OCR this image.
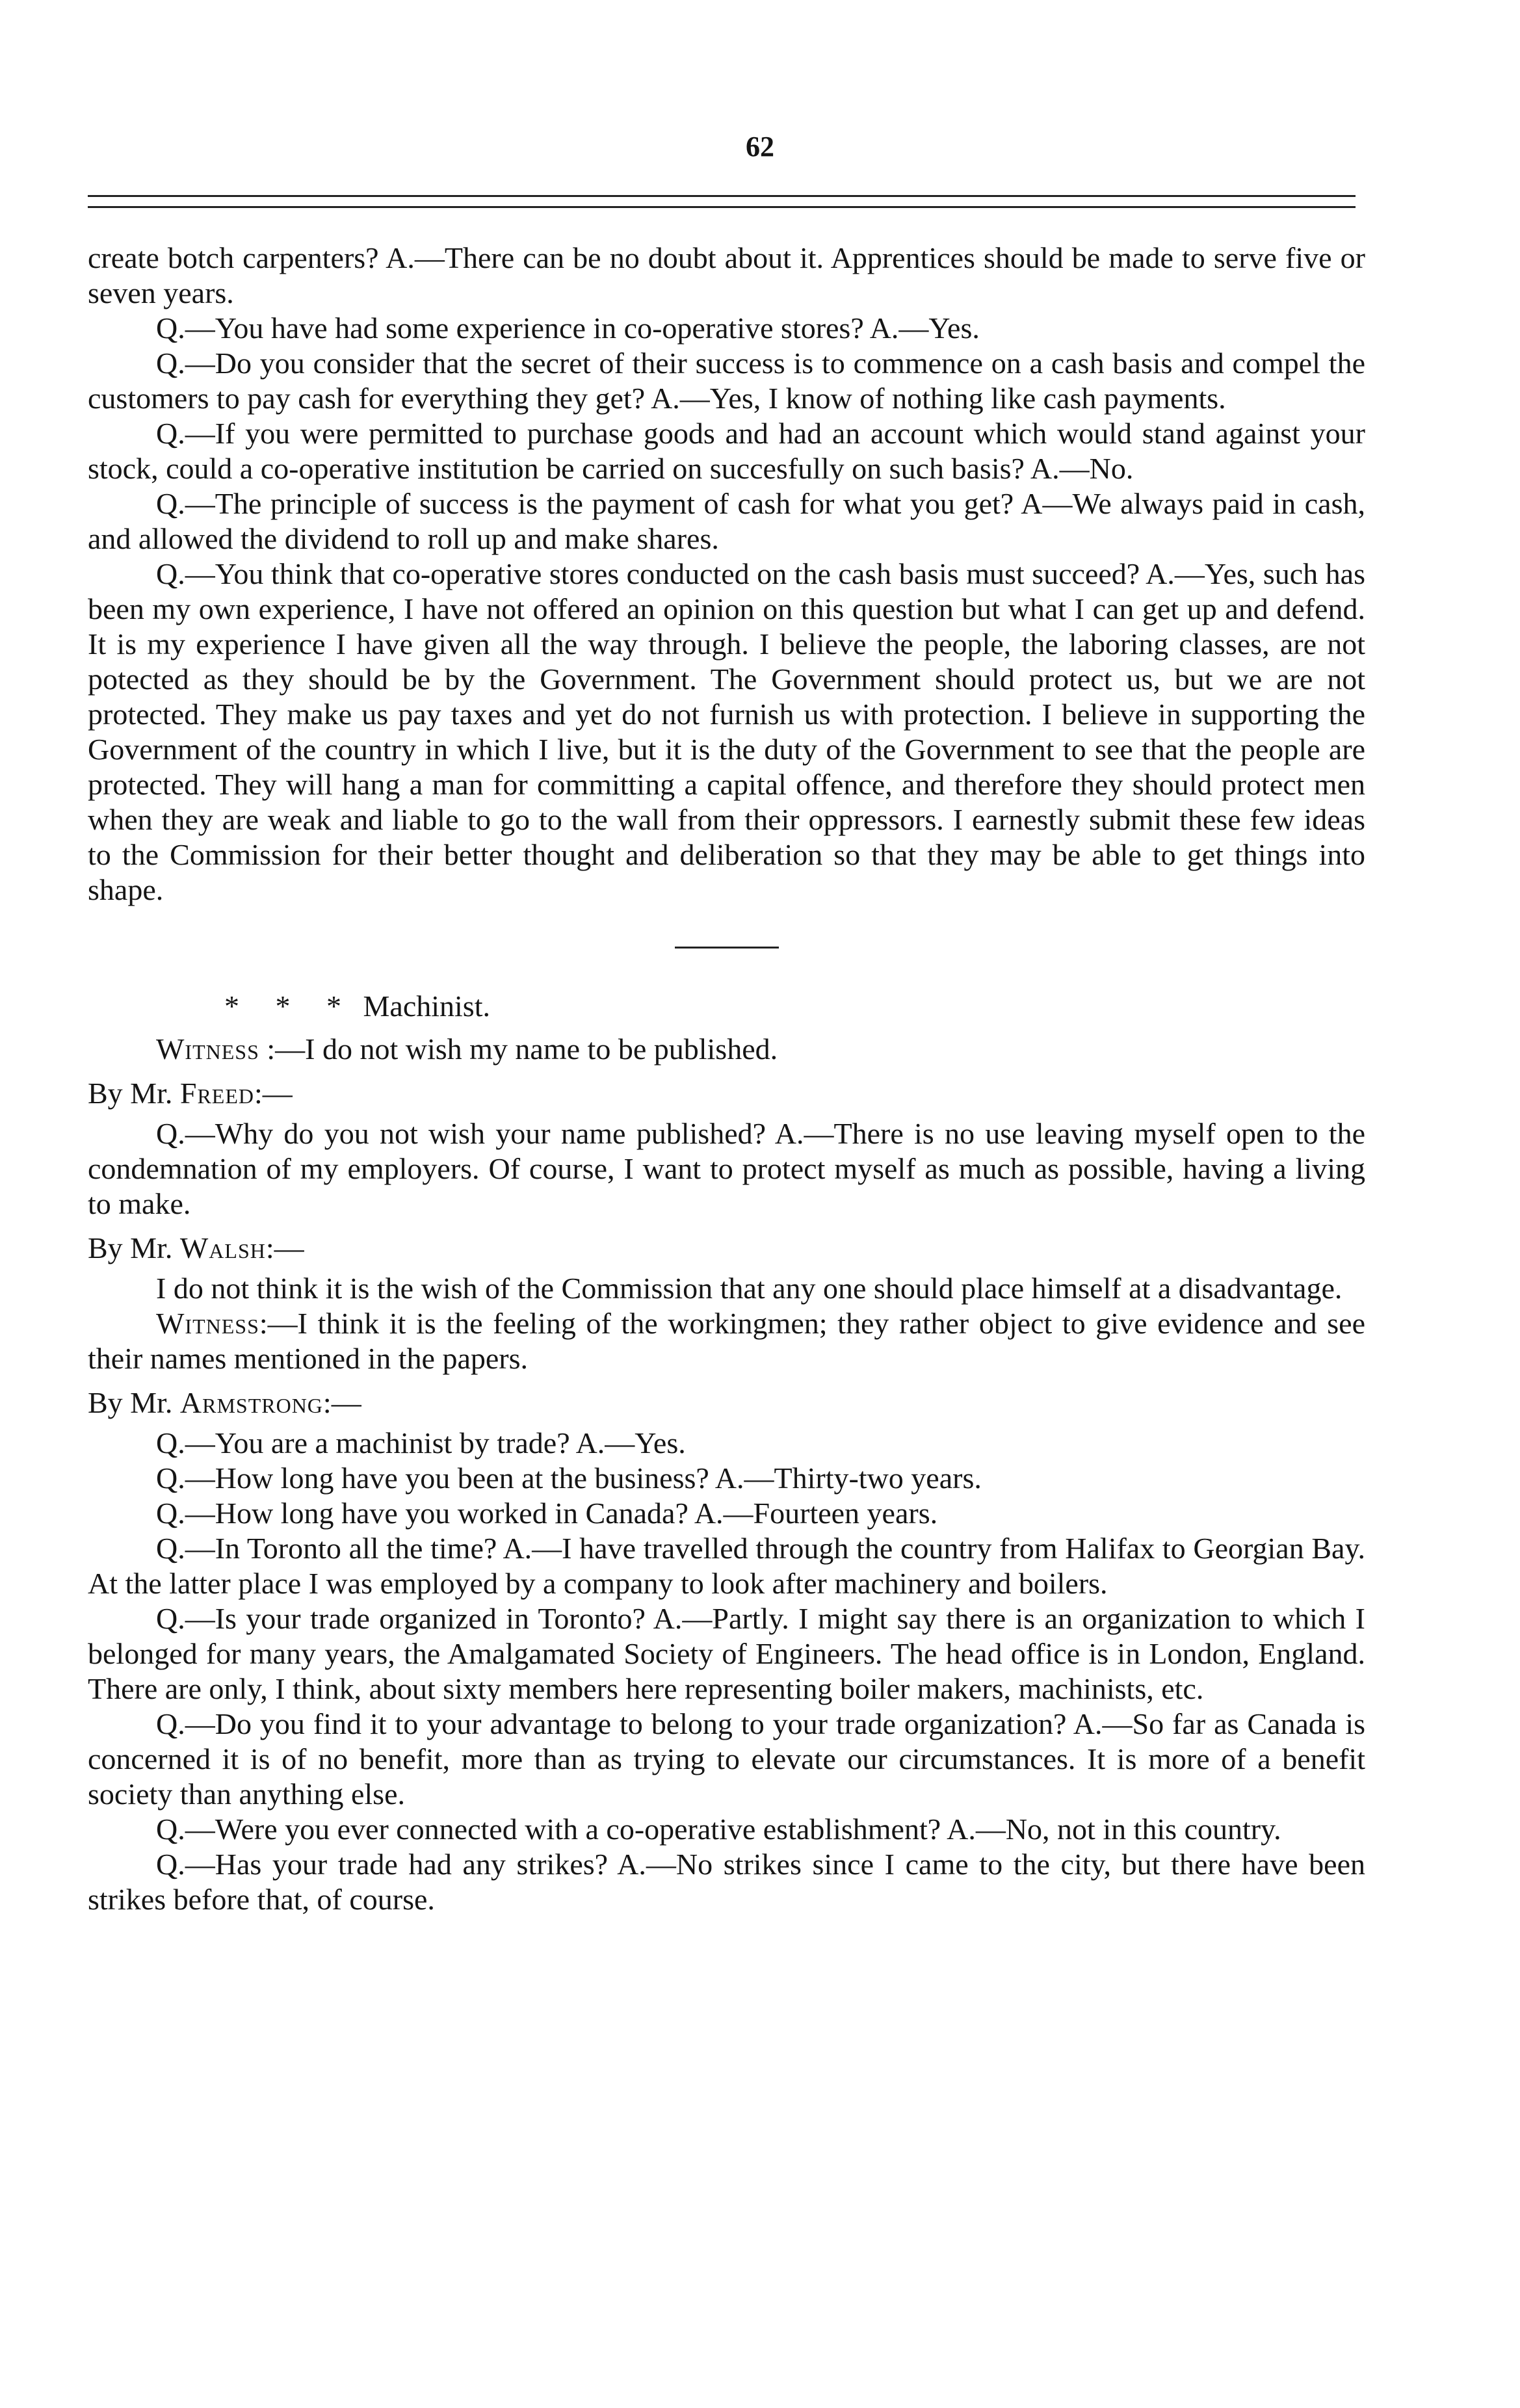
62

create botch carpenters? A.—There can be no doubt about it. Apprentices should be made to serve five or seven years.

Q.—You have had some experience in co-operative stores? A.—Yes.

Q.—Do you consider that the secret of their success is to commence on a cash basis and compel the customers to pay cash for everything they get? A.—Yes, I know of nothing like cash payments.

Q.—If you were permitted to purchase goods and had an account which would stand against your stock, could a co-operative institution be carried on succesfully on such basis? A.—No.

Q.—The principle of success is the payment of cash for what you get? A—We always paid in cash, and allowed the dividend to roll up and make shares.

Q.—You think that co-operative stores conducted on the cash basis must succeed? A.—Yes, such has been my own experience, I have not offered an opinion on this question but what I can get up and defend. It is my experience I have given all the way through. I believe the people, the laboring classes, are not potected as they should be by the Government. The Government should protect us, but we are not protected. They make us pay taxes and yet do not furnish us with protection. I believe in supporting the Government of the country in which I live, but it is the duty of the Government to see that the people are protected. They will hang a man for committing a capital offence, and therefore they should protect men when they are weak and liable to go to the wall from their oppressors. I earnestly submit these few ideas to the Commission for their better thought and deliberation so that they may be able to get things into shape.

* * * Machinist.

Witness :—I do not wish my name to be published.

By Mr. Freed:—

Q.—Why do you not wish your name published? A.—There is no use leaving myself open to the condemnation of my employers. Of course, I want to protect myself as much as possible, having a living to make.

By Mr. Walsh:—

I do not think it is the wish of the Commission that any one should place himself at a disadvantage.

Witness:—I think it is the feeling of the workingmen; they rather object to give evidence and see their names mentioned in the papers.

By Mr. Armstrong:—

Q.—You are a machinist by trade? A.—Yes.

Q.—How long have you been at the business? A.—Thirty-two years.

Q.—How long have you worked in Canada? A.—Fourteen years.

Q.—In Toronto all the time? A.—I have travelled through the country from Halifax to Georgian Bay. At the latter place I was employed by a company to look after machinery and boilers.

Q.—Is your trade organized in Toronto? A.—Partly. I might say there is an organization to which I belonged for many years, the Amalgamated Society of Engineers. The head office is in London, England. There are only, I think, about sixty members here representing boiler makers, machinists, etc.

Q.—Do you find it to your advantage to belong to your trade organization? A.—So far as Canada is concerned it is of no benefit, more than as trying to elevate our circumstances. It is more of a benefit society than anything else.

Q.—Were you ever connected with a co-operative establishment? A.—No, not in this country.

Q.—Has your trade had any strikes? A.—No strikes since I came to the city, but there have been strikes before that, of course.
